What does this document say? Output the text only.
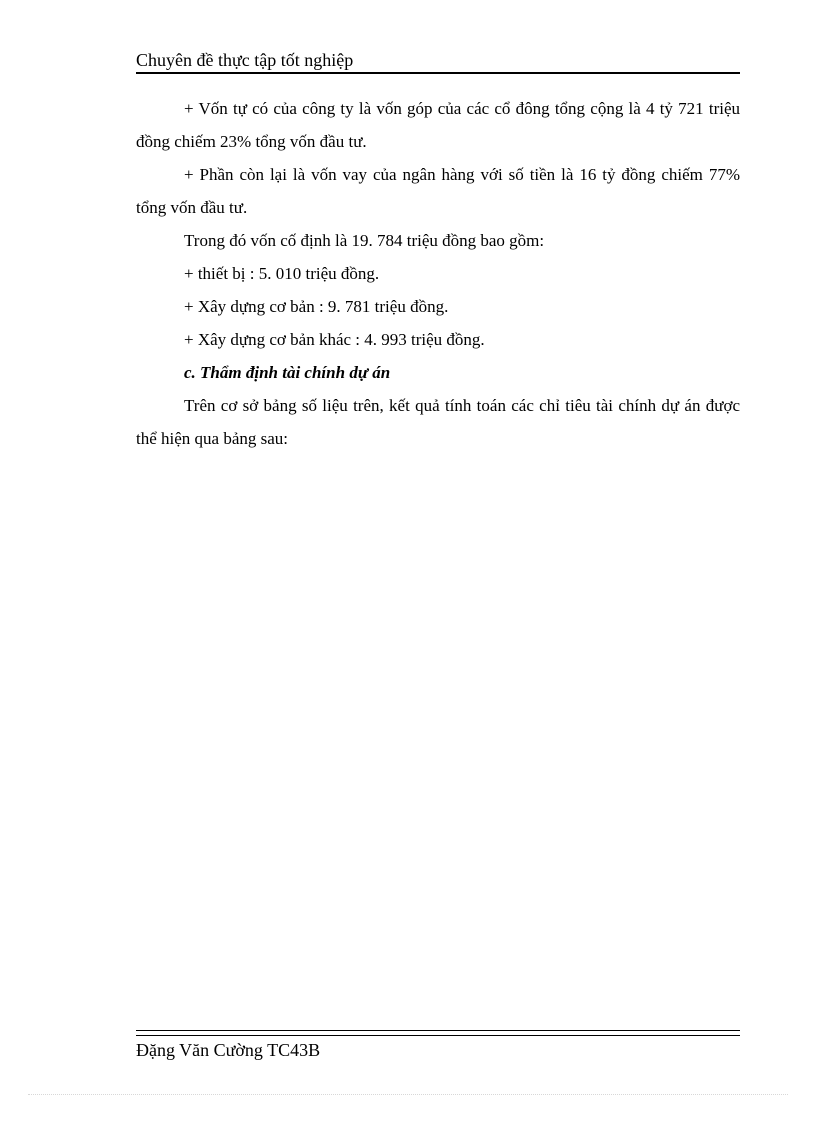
Chuyên đề thực tập tốt nghiệp

+ Vốn tự có của công ty là vốn góp của các cổ đông tổng cộng là 4 tỷ 721 triệu đồng chiếm 23% tổng vốn đầu tư.

+ Phần còn lại là vốn vay của ngân hàng với số tiền là 16 tỷ đồng chiếm 77% tổng vốn đầu tư.

Trong đó vốn cố định là 19. 784 triệu đồng bao gồm:

+ thiết bị : 5. 010 triệu đồng.

+ Xây dựng cơ bản : 9. 781 triệu đồng.

+ Xây dựng cơ bản khác : 4. 993 triệu đồng.

c. Thẩm định tài chính dự án

Trên cơ sở bảng số liệu trên, kết quả tính toán các chỉ tiêu tài chính dự án được thể hiện qua bảng sau:

Đặng Văn Cường TC43B
